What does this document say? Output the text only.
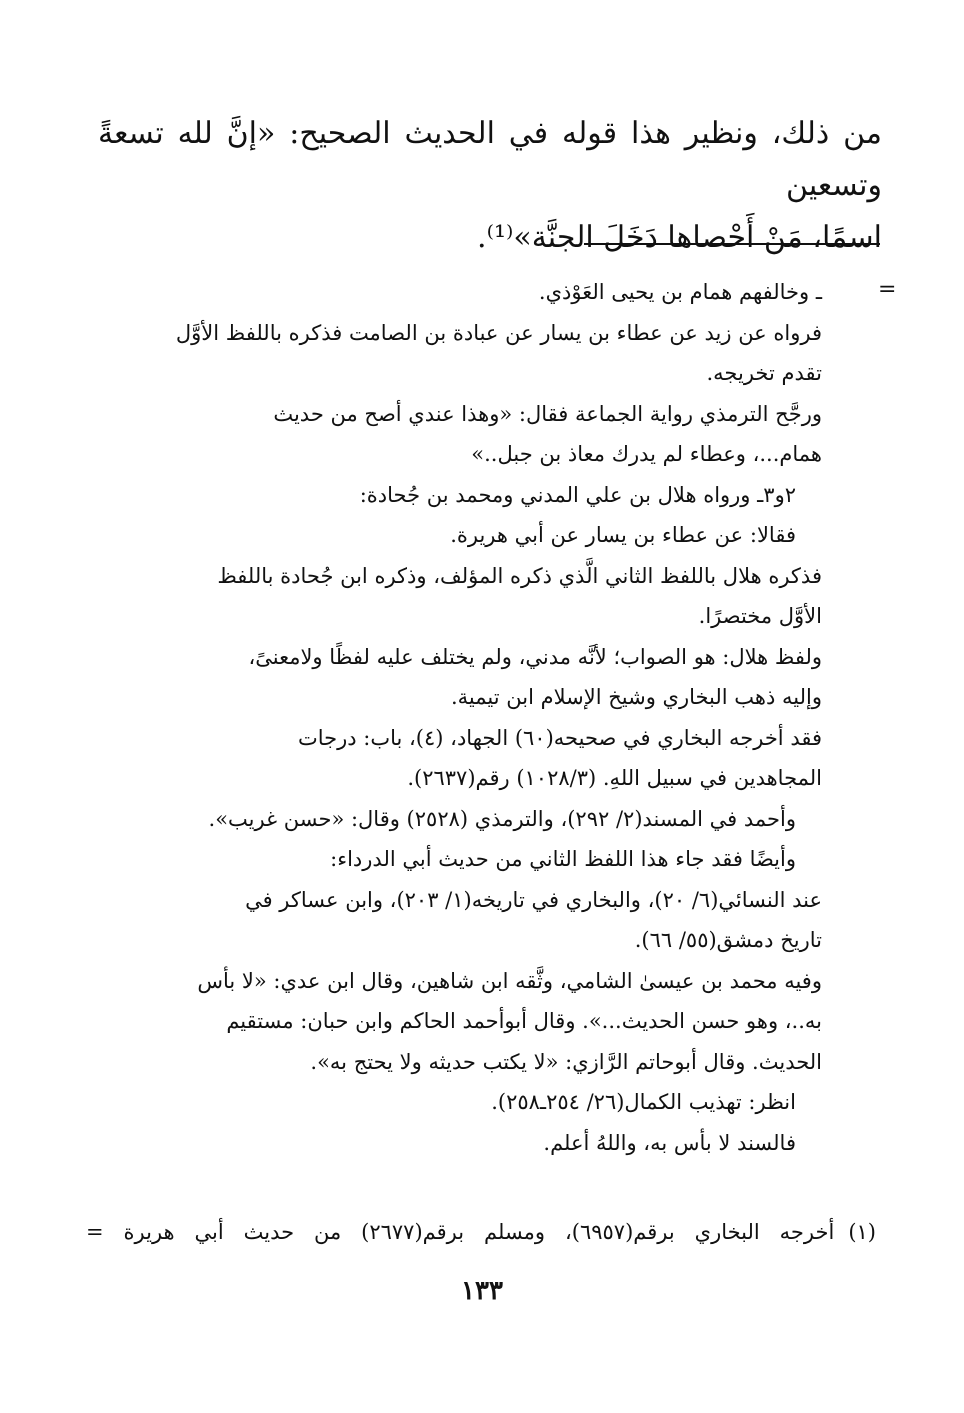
من ذلك، ونظير هذا قوله في الحديث الصحيح: «إنَّ لله تسعةً وتسعين

اسمًا، مَنْ أَحْصاها دَخَلَ الجنَّة»⁽¹⁾.

=

ـ وخالفهم همام بن يحيى العَوْذي.

فرواه عن زيد عن عطاء بن يسار عن عبادة بن الصامت فذكره باللفظ الأوَّل

تقدم تخريجه.

ورجَّح الترمذي رواية الجماعة فقال: «وهذا عندي أصح من حديث

همام...، وعطاء لم يدرك معاذ بن جبل..»

٢و٣ـ ورواه هلال بن علي المدني ومحمد بن جُحادة:

فقالا: عن عطاء بن يسار عن أبي هريرة.

فذكره هلال باللفظ الثاني الَّذي ذكره المؤلف، وذكره ابن جُحادة باللفظ

الأوَّل مختصرًا.

ولفظ هلال: هو الصواب؛ لأنَّه مدني، ولم يختلف عليه لفظًا ولامعنىً،

وإليه ذهب البخاري وشيخ الإسلام ابن تيمية.

فقد أخرجه البخاري في صحيحه(٦٠) الجهاد، (٤)، باب: درجات

المجاهدين في سبيل اللهِ. (١٠٢٨/٣) رقم(٢٦٣٧).

وأحمد في المسند(٢/ ٢٩٢)، والترمذي (٢٥٢٨) وقال: «حسن غريب».

وأيضًا فقد جاء هذا اللفظ الثاني من حديث أبي الدرداء:

عند النسائي(٦/ ٢٠)، والبخاري في تاريخه(١/ ٢٠٣)، وابن عساكر في

تاريخ دمشق(٥٥/ ٦٦).

وفيه محمد بن عيسىٰ الشامي، وثَّقه ابن شاهين، وقال ابن عدي: «لا بأس

به..، وهو حسن الحديث...». وقال أبوأحمد الحاكم وابن حبان: مستقيم

الحديث. وقال أبوحاتم الرَّازي: «لا يكتب حديثه ولا يحتج به».

انظر: تهذيب الكمال(٢٦/ ٢٥٤ـ٢٥٨).

فالسند لا بأس به، واللهُ أعلم.

(١)
أخرجه البخاري برقم(٦٩٥٧)، ومسلم برقم(٢٦٧٧) من حديث أبي هريرة =
١٣٣
